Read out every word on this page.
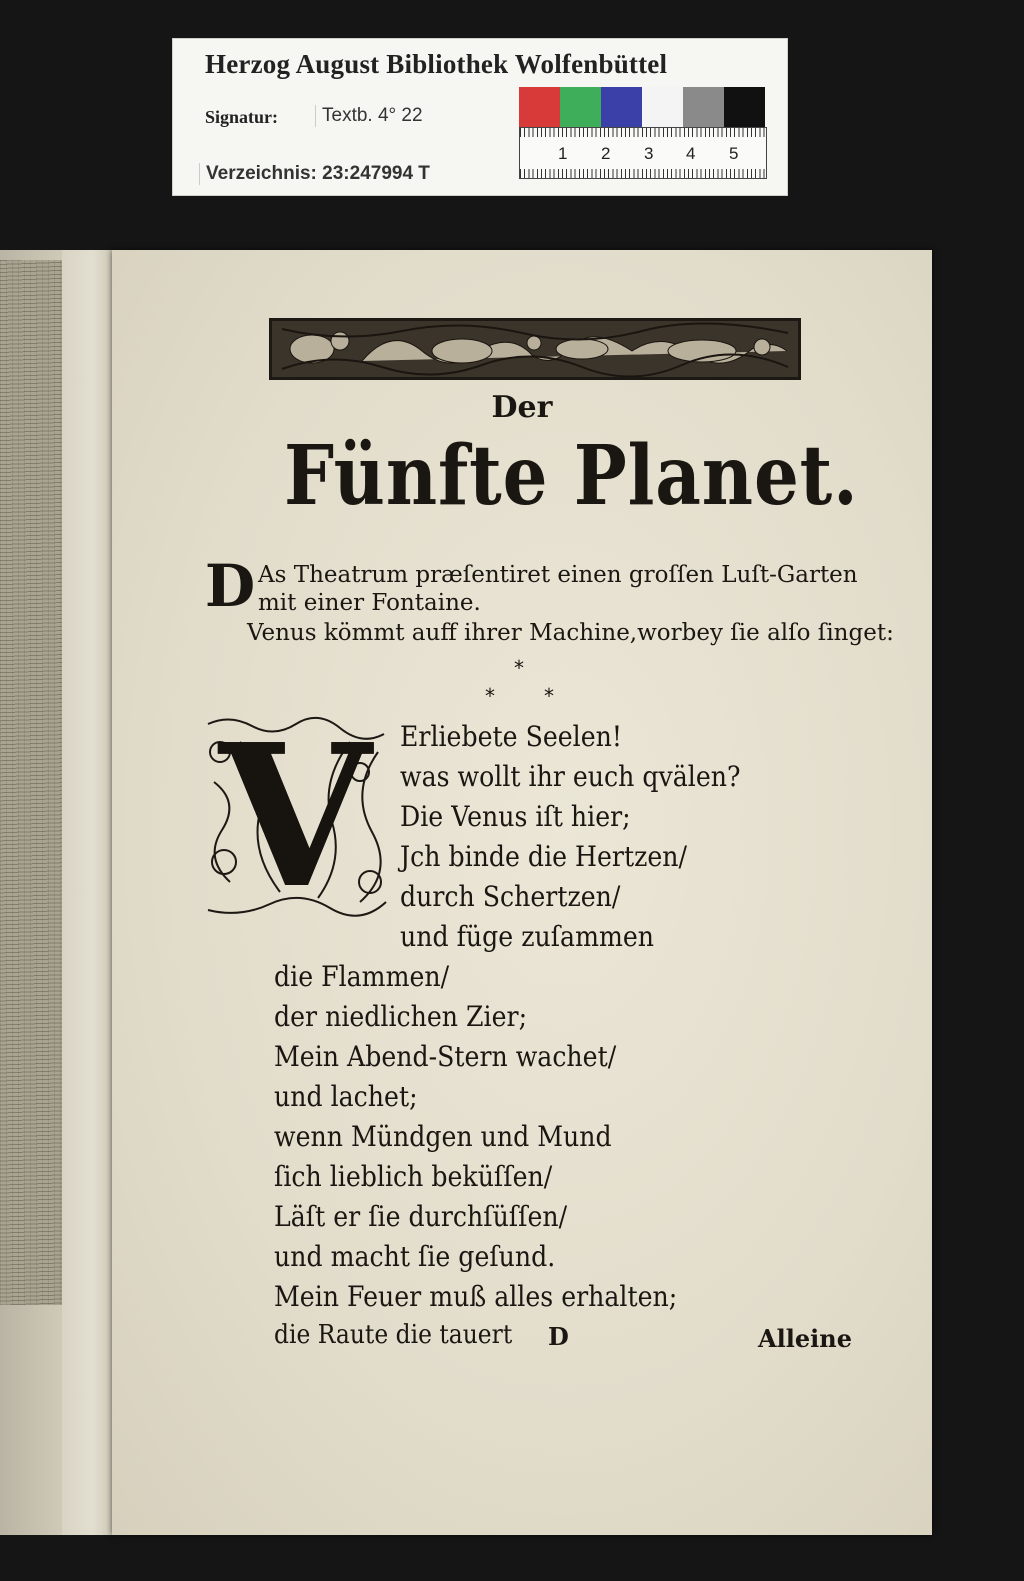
Herzog August Bibliothek Wolfenbüttel
Signatur:	Textb. 4° 22
Verzeichnis: 23:247994 T
1 2 3 4 5
Der
Fünfte Planet.
D As Theatrum præſentiret einen groſſen Luſt-Garten
mit einer Fontaine.
Venus kömmt auff ihrer Machine,worbey ſie alſo ſinget:
*
* *
V	Erliebete Seelen!
was wollt ihr euch qvälen?
Die Venus iſt hier;
Jch binde die Hertzen/
durch Schertzen/
und füge zuſammen
die Flammen/
der niedlichen Zier;
Mein Abend-Stern wachet/
und lachet;
wenn Mündgen und Mund
ſich lieblich beküſſen/
Läſt er ſie durchſüſſen/
und macht ſie geſund.
Mein Feuer muß alles erhalten;
die Raute die tauert D	Alleine
